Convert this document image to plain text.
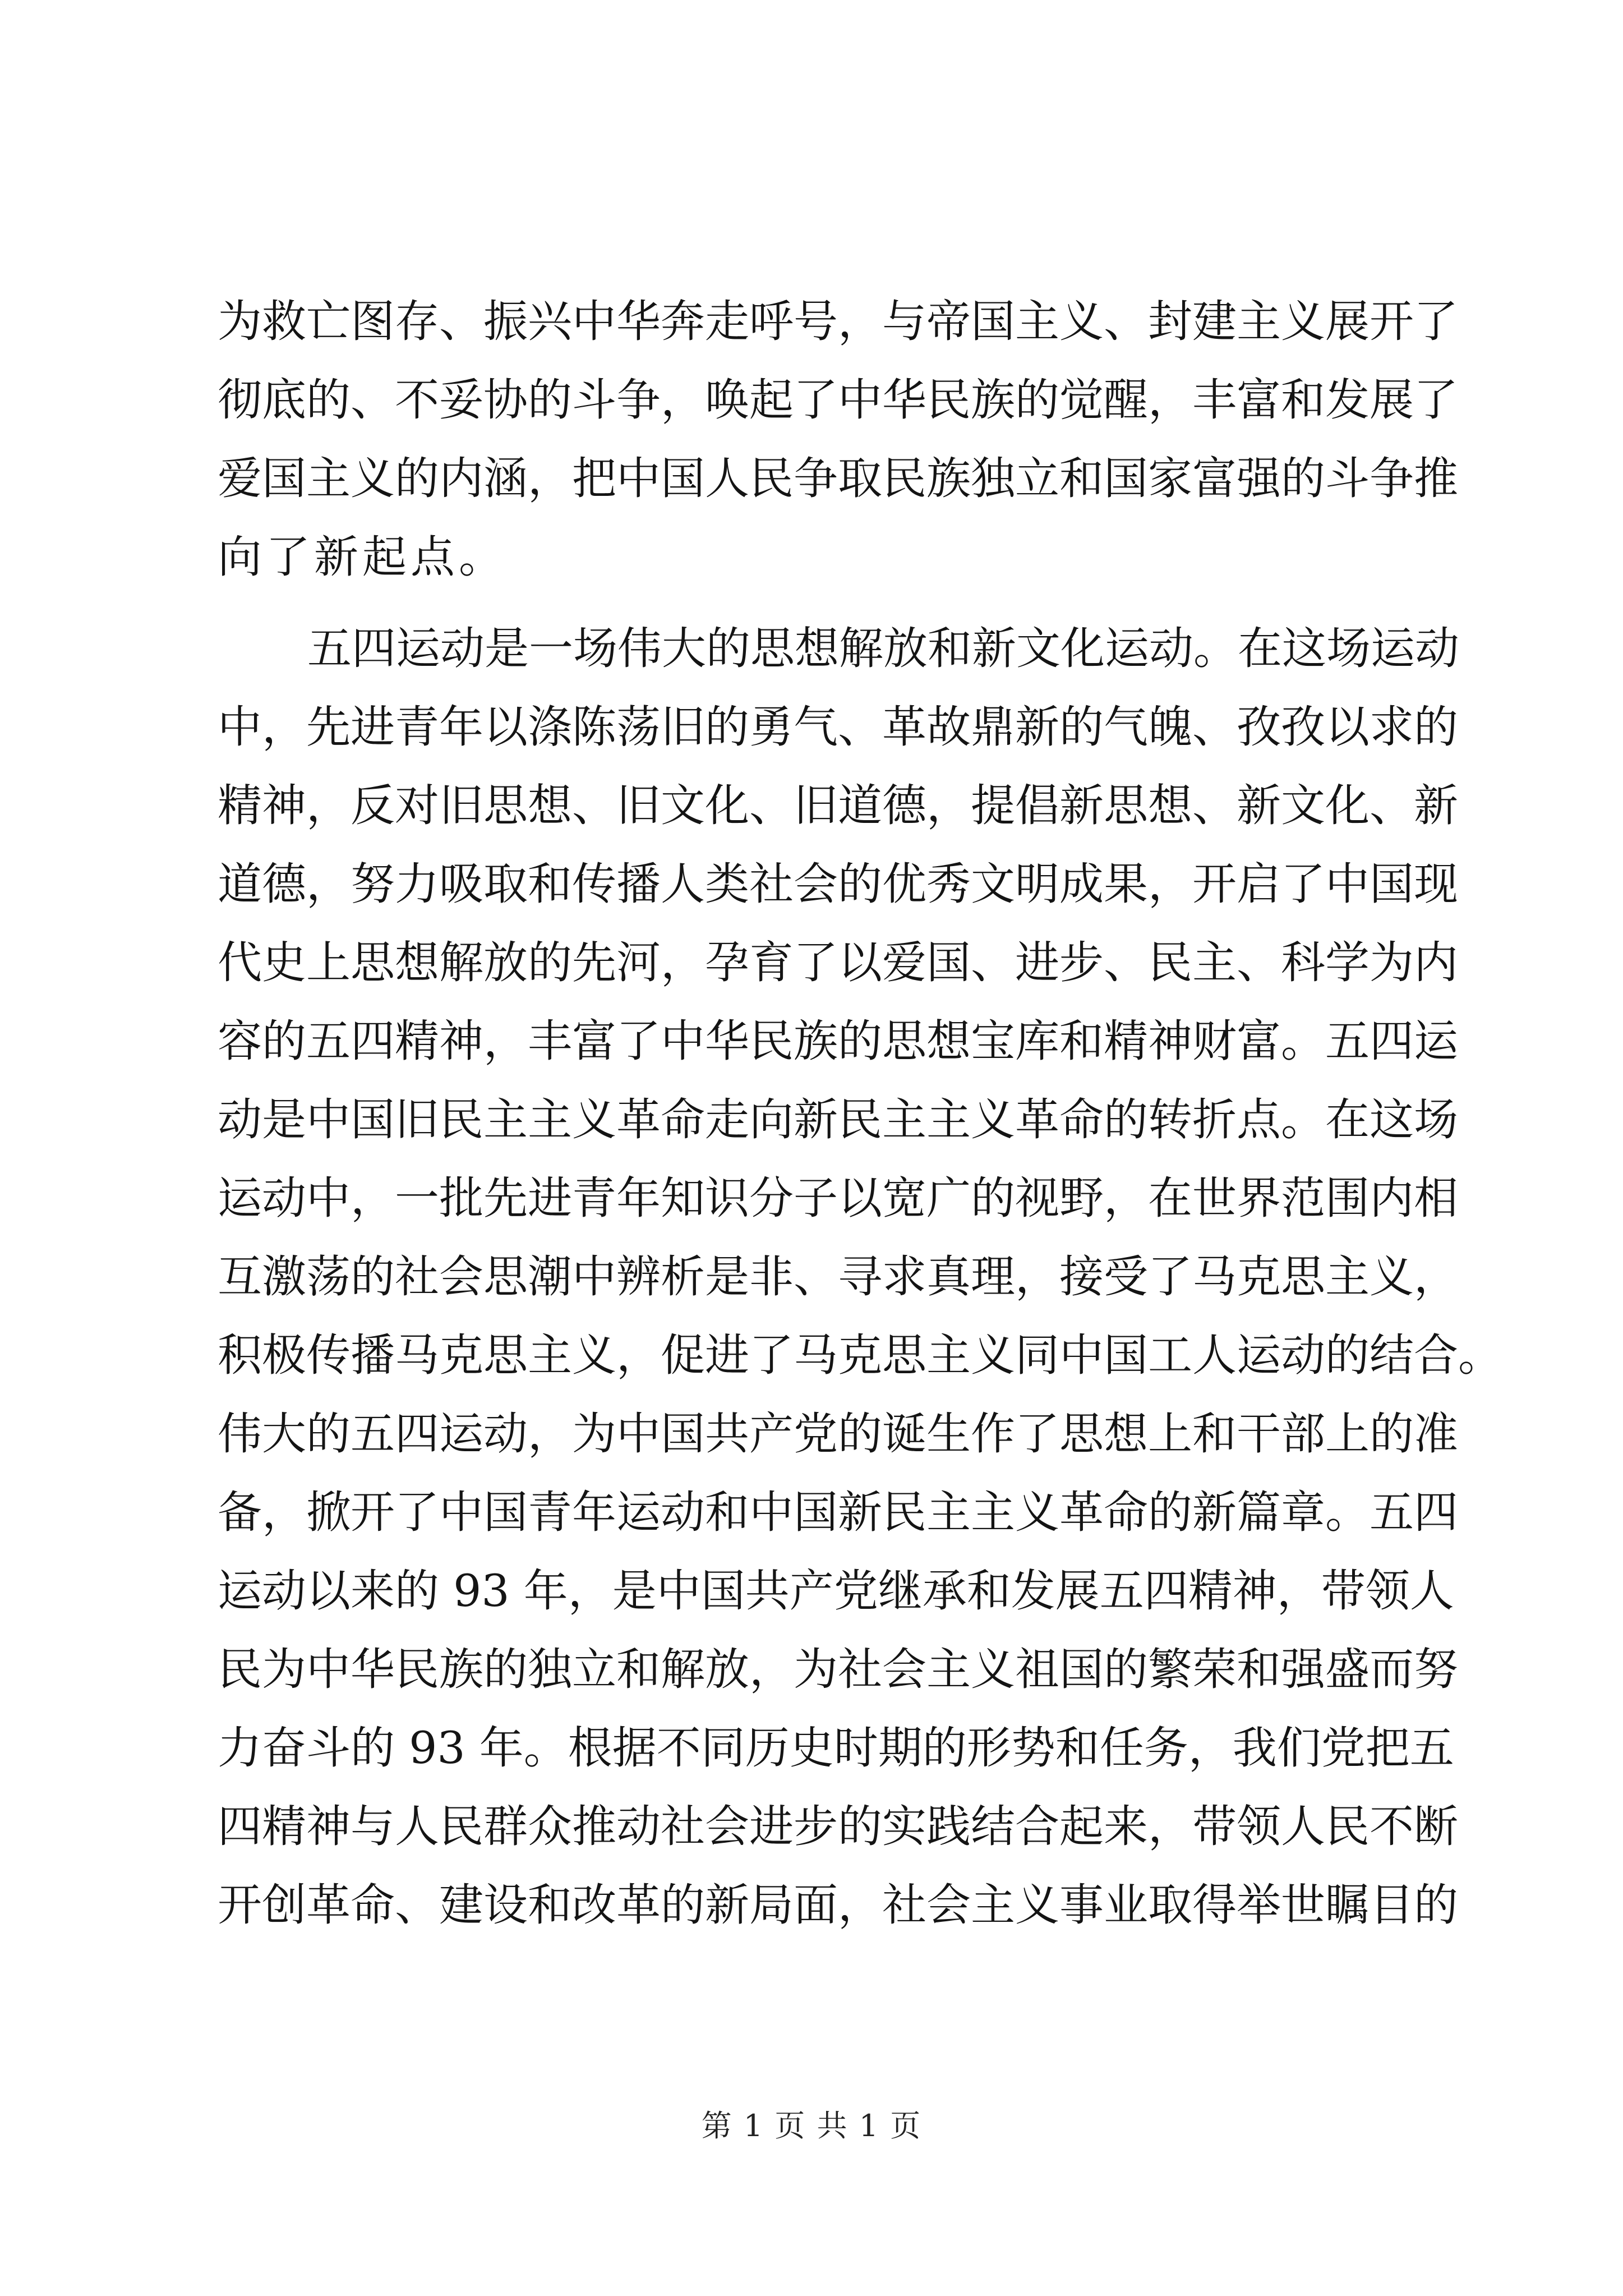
为救亡图存、振兴中华奔走呼号，与帝国主义、封建主义展开了
彻底的、不妥协的斗争，唤起了中华民族的觉醒，丰富和发展了
爱国主义的内涵，把中国人民争取民族独立和国家富强的斗争推
向了新起点。
五四运动是一场伟大的思想解放和新文化运动。在这场运动
中，先进青年以涤陈荡旧的勇气、革故鼎新的气魄、孜孜以求的
精神，反对旧思想、旧文化、旧道德，提倡新思想、新文化、新
道德，努力吸取和传播人类社会的优秀文明成果，开启了中国现
代史上思想解放的先河，孕育了以爱国、进步、民主、科学为内
容的五四精神，丰富了中华民族的思想宝库和精神财富。五四运
动是中国旧民主主义革命走向新民主主义革命的转折点。在这场
运动中，一批先进青年知识分子以宽广的视野，在世界范围内相
互激荡的社会思潮中辨析是非、寻求真理，接受了马克思主义，
积极传播马克思主义，促进了马克思主义同中国工人运动的结合。
伟大的五四运动，为中国共产党的诞生作了思想上和干部上的准
备，掀开了中国青年运动和中国新民主主义革命的新篇章。五四
运动以来的 93 年，是中国共产党继承和发展五四精神，带领人
民为中华民族的独立和解放，为社会主义祖国的繁荣和强盛而努
力奋斗的 93 年。根据不同历史时期的形势和任务，我们党把五
四精神与人民群众推动社会进步的实践结合起来，带领人民不断
开创革命、建设和改革的新局面，社会主义事业取得举世瞩目的
第 1 页 共 1 页
